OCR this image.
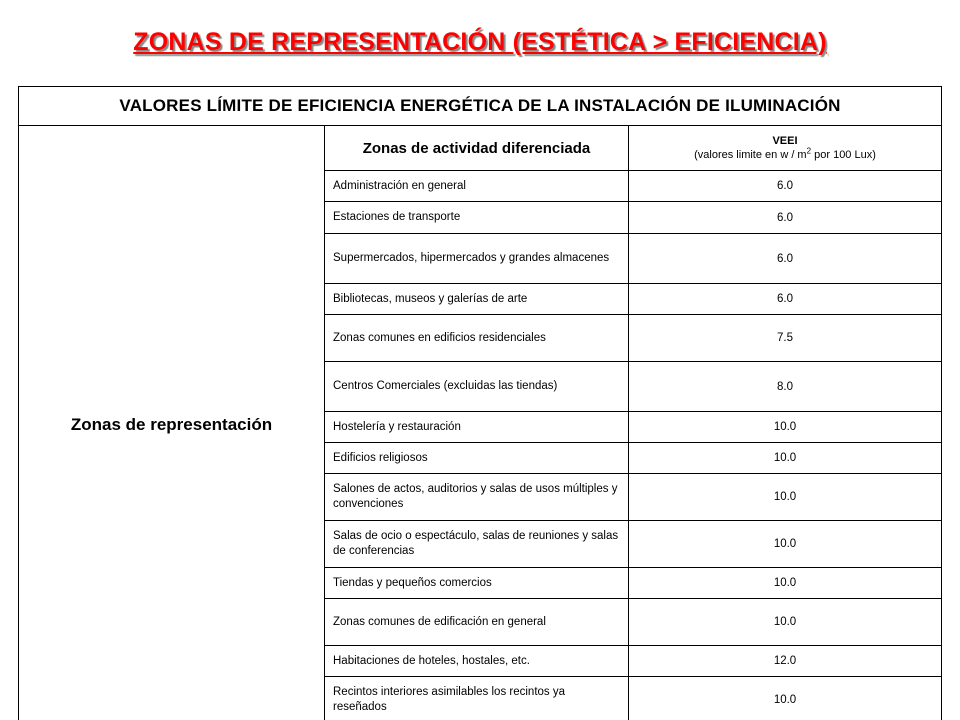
ZONAS DE REPRESENTACIÓN (ESTÉTICA > EFICIENCIA)
VALORES LÍMITE DE EFICIENCIA ENERGÉTICA DE LA INSTALACIÓN DE ILUMINACIÓN		
Zonas de representación	Zonas de actividad diferenciada	VEEI
(valores limite en w / $m^2$ por 100 Lux)
	Administración en general	6.0
	Estaciones de transporte	6.0
	Supermercados, hipermercados y grandes almacenes	6.0
	Bibliotecas, museos y galerías de arte	6.0
	Zonas comunes en edificios residenciales	7.5
	Centros Comerciales (excluidas las tiendas)	8.0
	Hostelería y restauración	10.0
	Edificios religiosos	10.0
	Salones de actos, auditorios y salas de usos múltiples y convenciones	10.0
	Salas de ocio o espectáculo, salas de reuniones y salas de conferencias	10.0
	Tiendas y pequeños comercios	10.0
	Zonas comunes de edificación en general	10.0
	Habitaciones de hoteles, hostales, etc.	12.0
	Recintos interiores asimilables los recintos ya reseñados	10.0
